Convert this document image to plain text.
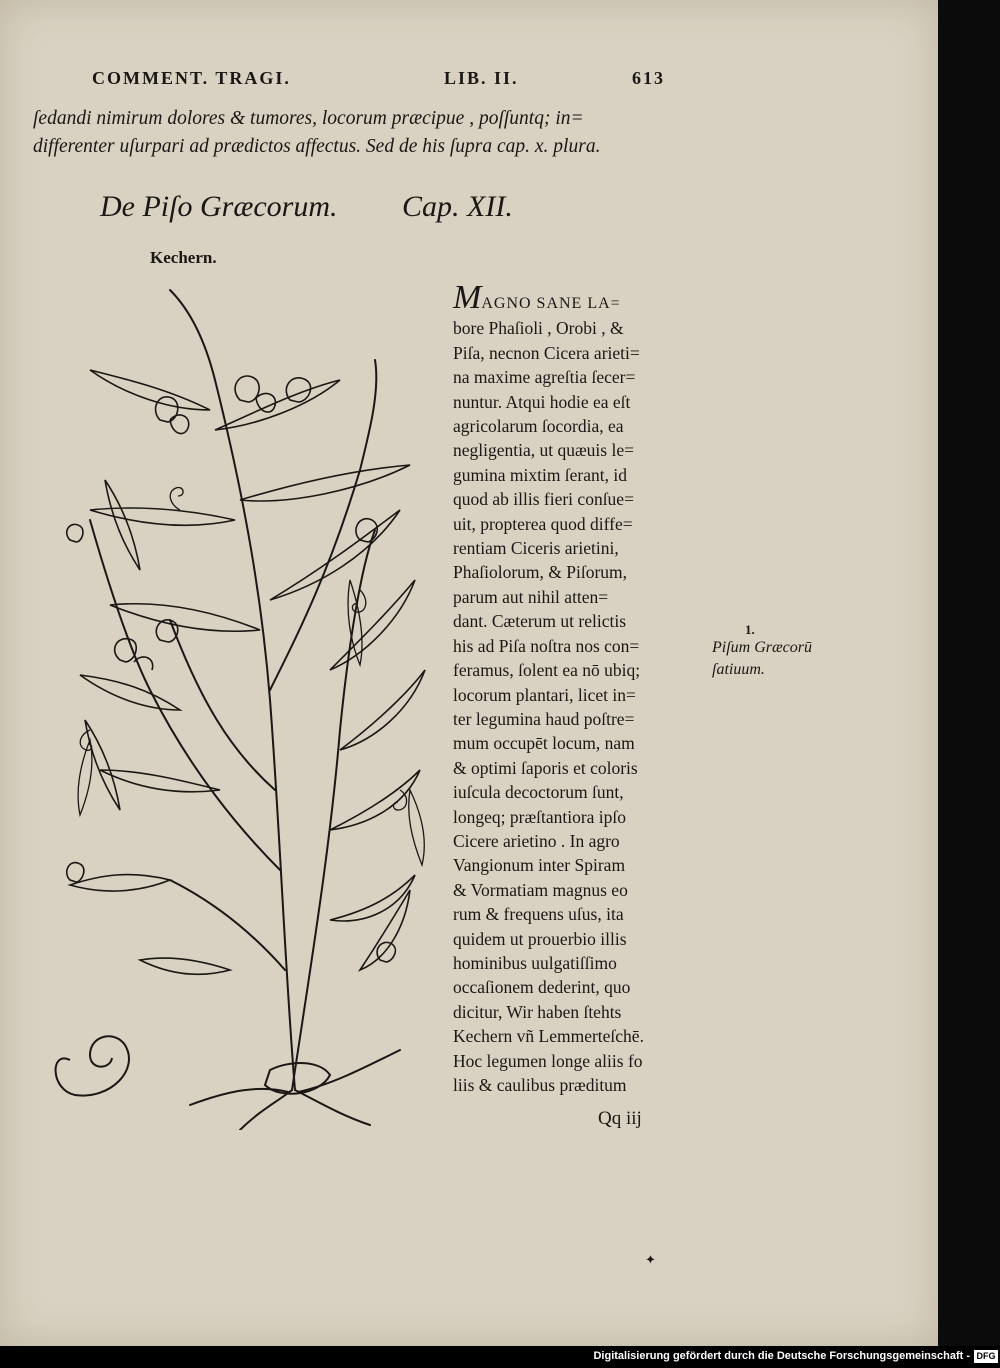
COMMENT. TRAGI.	LIB. II.	613
ſedandi nimirum dolores & tumores, locorum præcipue , poſſuntq; in=
differenter uſurpari ad prædictos affectus. Sed de his ſupra cap. x. plura.
De Piſo Græcorum. Cap. XII.
Kechern.
MAGNO SANE LA=
bore Phaſioli , Orobi , &
Piſa, necnon Cicera arieti=
na maxime agreſtia ſecer=
nuntur. Atqui hodie ea eſt
agricolarum ſocordia, ea
negligentia, ut quæuis le=
gumina mixtim ſerant, id
quod ab illis fieri conſue=
uit, propterea quod diffe=
rentiam Ciceris arietini,
Phaſiolorum, & Piſorum,
parum aut nihil atten=
dant. Cæterum ut relictis
his ad Piſa noſtra nos con=
feramus, ſolent ea nō ubiq;
locorum plantari, licet in=
ter legumina haud poſtre=
mum occupēt locum, nam
& optimi ſaporis et coloris
iuſcula decoctorum ſunt,
longeq; præſtantiora ipſo
Cicere arietino . In agro
Vangionum inter Spiram
& Vormatiam magnus eo
rum & frequens uſus, ita
quidem ut prouerbio illis
hominibus uulgatiſſimo
occaſionem dederint, quo
dicitur, Wir haben ſtehts
Kechern vñ Lemmerteſchē.
Hoc legumen longe aliis fo
liis & caulibus præditum
Qq iij
1.
Piſum Græcorū
ſatiuum.
✦
Digitalisierung gefördert durch die Deutsche Forschungsgemeinschaft - DFG
